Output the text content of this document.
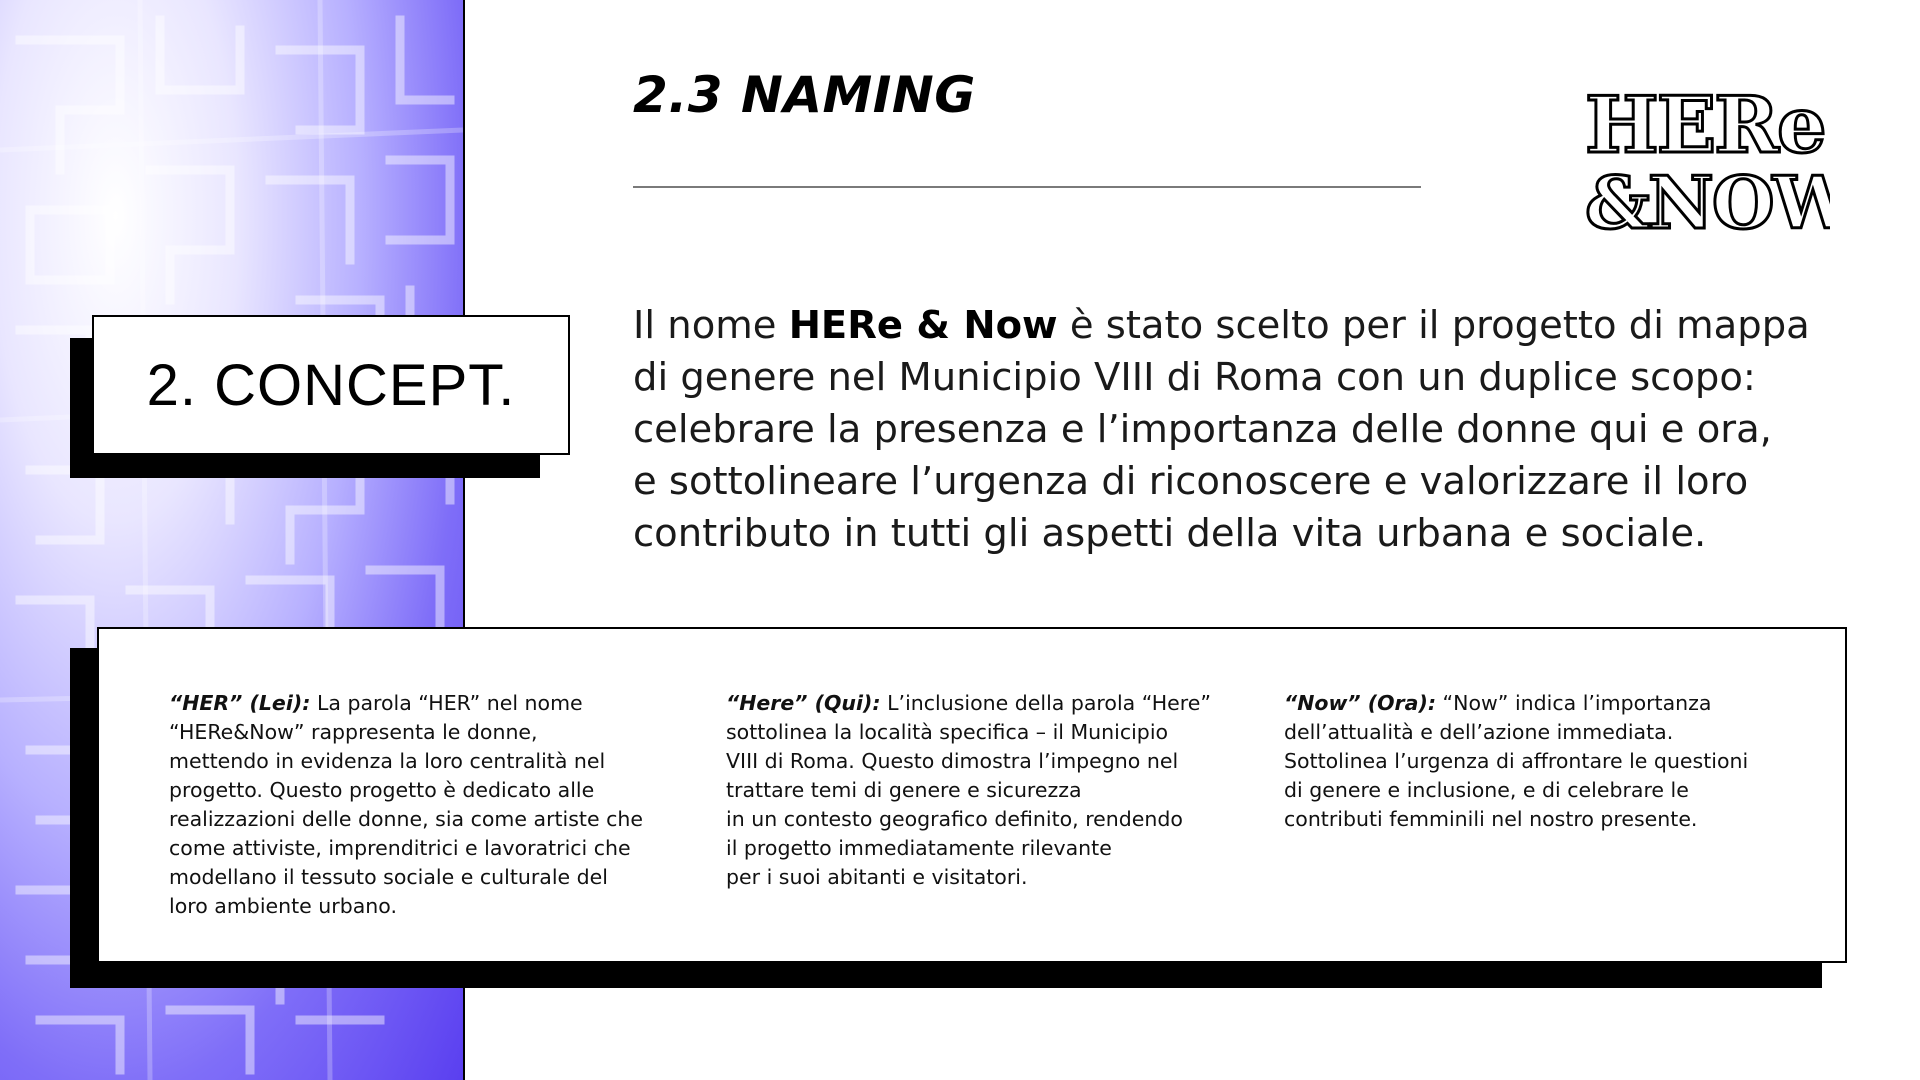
2.3 NAMING	HERe
&NOW
2. CONCEPT.
Il nome HERe & Now è stato scelto per il progetto di mappa
di genere nel Municipio VIII di Roma con un duplice scopo:
celebrare la presenza e l’importanza delle donne qui e ora,
e sottolineare l’urgenza di riconoscere e valorizzare il loro
contributo in tutti gli aspetti della vita urbana e sociale.
“HER” (Lei): La parola “HER” nel nome
“HERe&Now” rappresenta le donne,
mettendo in evidenza la loro centralità nel
progetto. Questo progetto è dedicato alle
realizzazioni delle donne, sia come artiste che
come attiviste, imprenditrici e lavoratrici che
modellano il tessuto sociale e culturale del
loro ambiente urbano.
“Here” (Qui): L’inclusione della parola “Here”
sottolinea la località specifica – il Municipio
VIII di Roma. Questo dimostra l’impegno nel
trattare temi di genere e sicurezza
in un contesto geografico definito, rendendo
il progetto immediatamente rilevante
per i suoi abitanti e visitatori.
“Now” (Ora): “Now” indica l’importanza
dell’attualità e dell’azione immediata.
Sottolinea l’urgenza di affrontare le questioni
di genere e inclusione, e di celebrare le
contributi femminili nel nostro presente.
